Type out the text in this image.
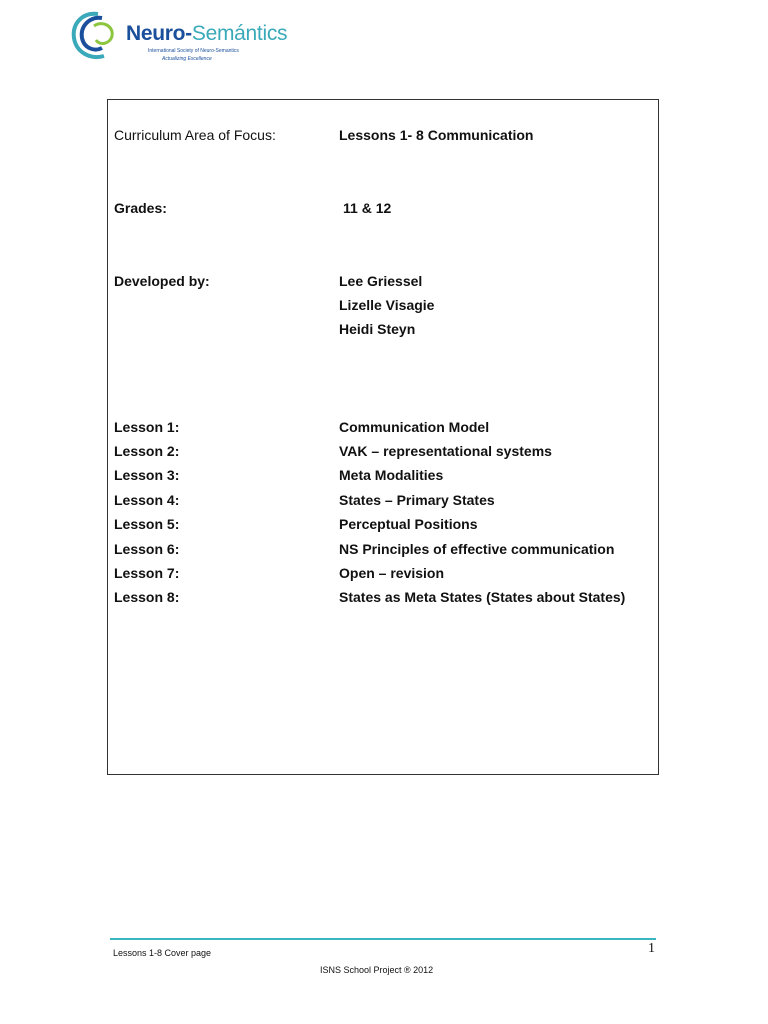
Neuro-Semántics
International Society of Neuro-Semantics
Actualizing Excellence
Curriculum Area of Focus:	Lessons 1- 8 Communication
Grades:	11 & 12
Developed by:	Lee Griessel
Lizelle Visagie
Heidi Steyn
Lesson 1:	Communication Model
Lesson 2:	VAK – representational systems
Lesson 3:	Meta Modalities
Lesson 4:	States – Primary States
Lesson 5:	Perceptual Positions
Lesson 6:	NS Principles of effective communication
Lesson 7:	Open – revision
Lesson 8:	States as Meta States (States about States)
Lessons 1-8 Cover page	1
ISNS School Project ® 2012
